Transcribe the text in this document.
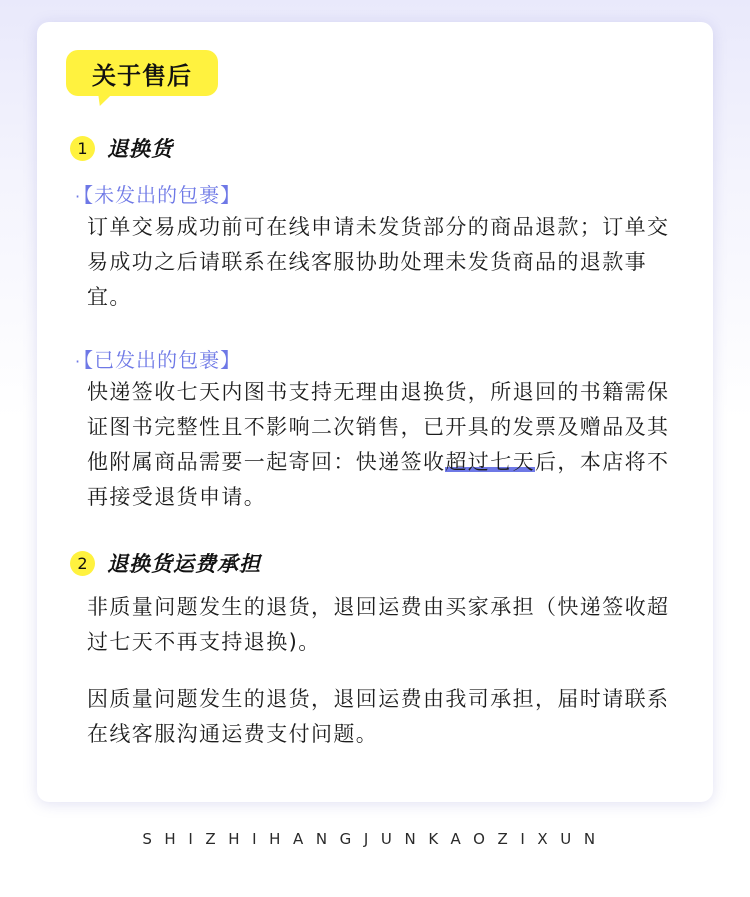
关于售后
1 退换货
· 【未发出的包裹】
订单交易成功前可在线申请未发货部分的商品退款；订单交易成功之后请联系在线客服协助处理未发货商品的退款事宜。
· 【已发出的包裹】
快递签收七天内图书支持无理由退换货，所退回的书籍需保证图书完整性且不影响二次销售，已开具的发票及赠品及其他附属商品需要一起寄回：快递签收超过七天后，本店将不再接受退货申请。
2 退换货运费承担
非质量问题发生的退货，退回运费由买家承担（快递签收超过七天不再支持退换)。
因质量问题发生的退货，退回运费由我司承担，届时请联系在线客服沟通运费支付问题。
SHIZHIHANGJUNKAOZIXUN
